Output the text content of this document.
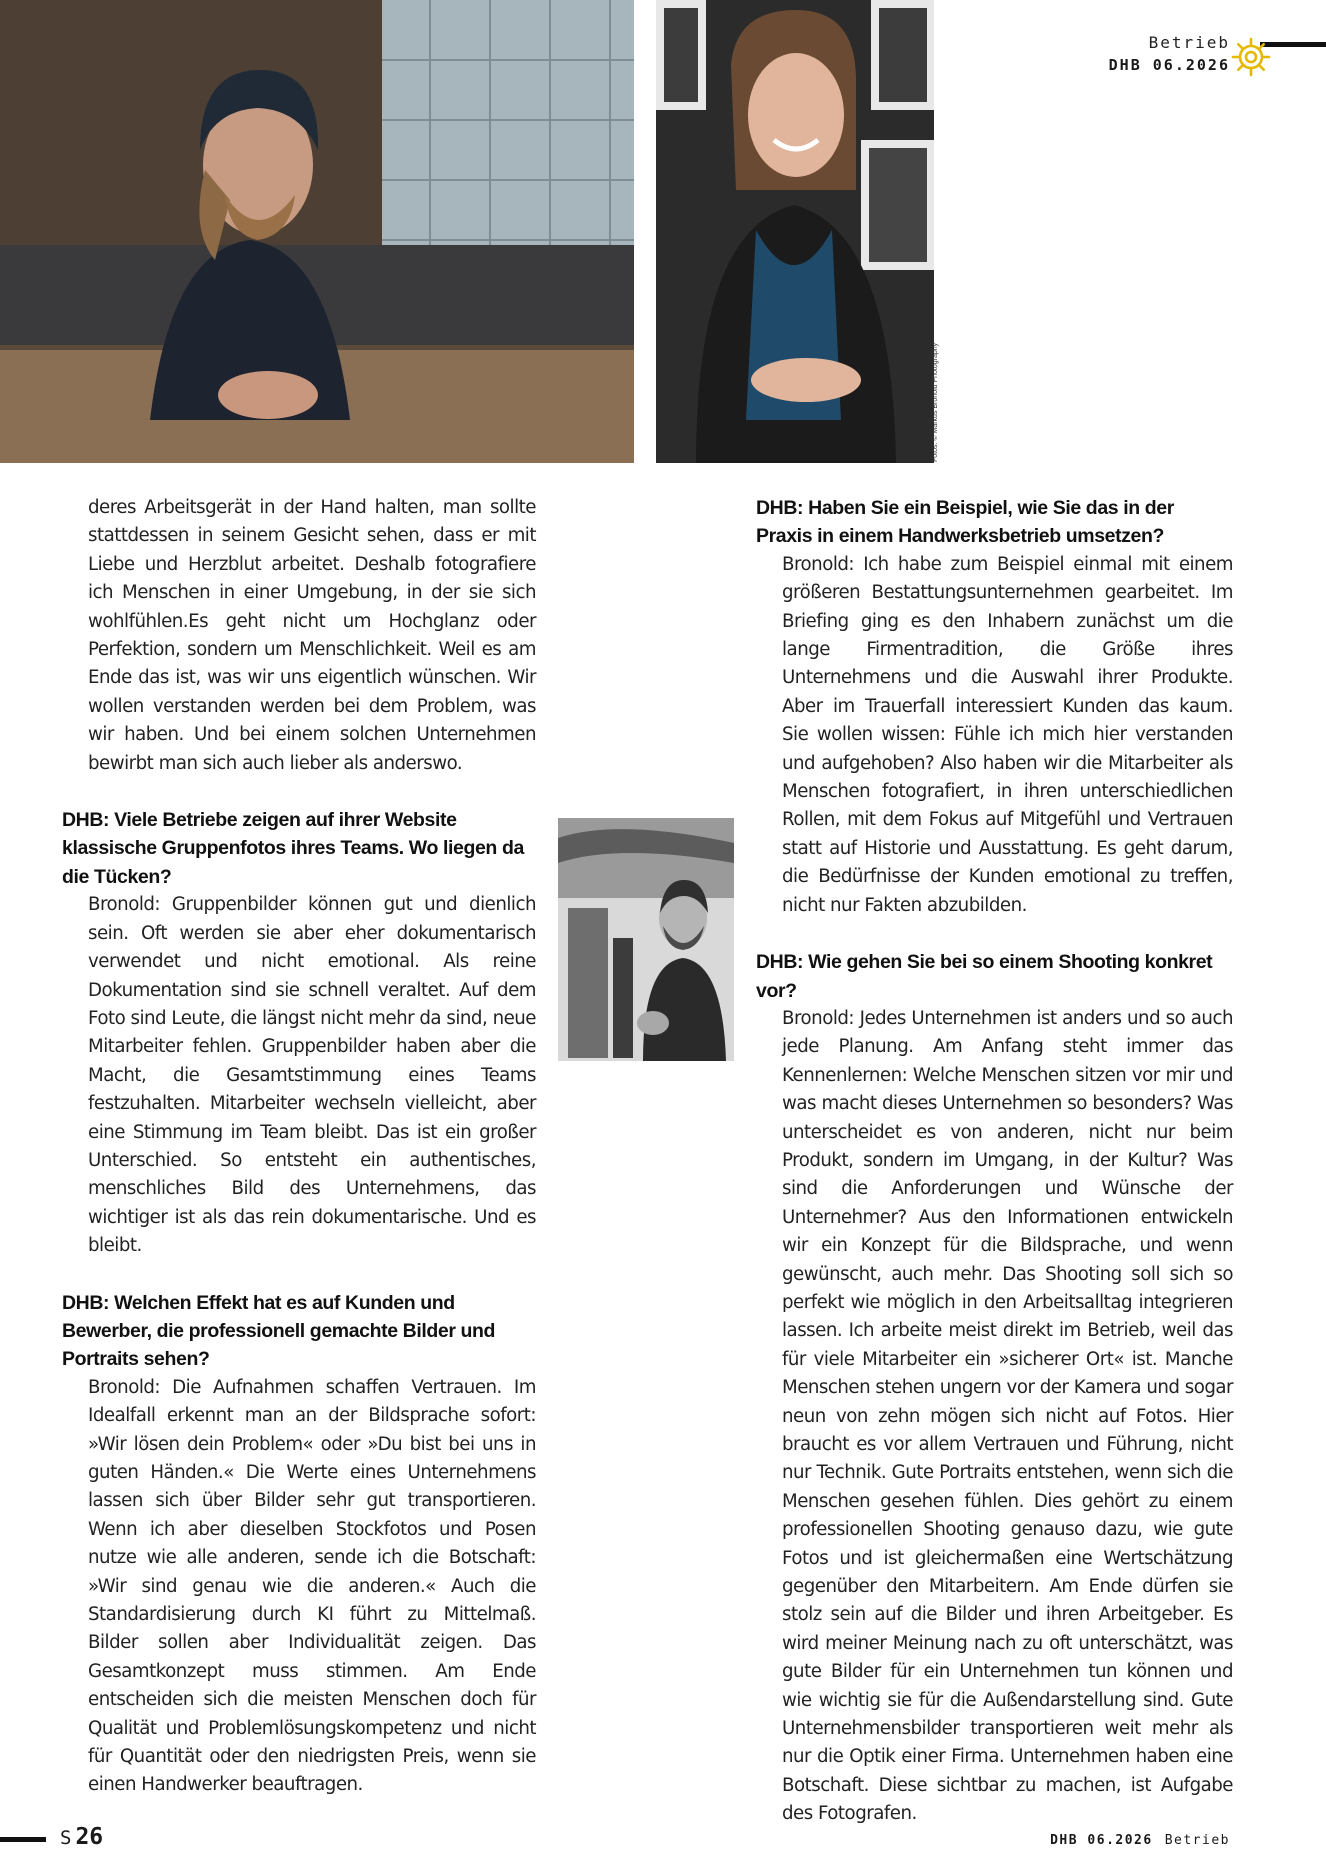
Fotos: © Markus Bronold Photography
Betrieb
DHB 06.2026

deres Arbeitsgerät in der Hand halten, man sollte stattdessen in seinem Gesicht sehen, dass er mit Liebe und Herzblut arbeitet. Deshalb fotografiere ich Menschen in einer Umgebung, in der sie sich wohlfühlen.Es geht nicht um Hochglanz oder Perfektion, sondern um Menschlichkeit. Weil es am Ende das ist, was wir uns eigentlich wünschen. Wir wollen verstanden werden bei dem Problem, was wir haben. Und bei einem solchen Unternehmen bewirbt man sich auch lieber als anderswo.

DHB: Viele Betriebe zeigen auf ihrer Website klassische Gruppenfotos ihres Teams. Wo liegen da die Tücken?

Bronold: Gruppenbilder können gut und dienlich sein. Oft werden sie aber eher dokumentarisch verwendet und nicht emotional. Als reine Dokumentation sind sie schnell veraltet. Auf dem Foto sind Leute, die längst nicht mehr da sind, neue Mitarbeiter fehlen. Gruppenbilder haben aber die Macht, die Gesamtstimmung eines Teams festzuhalten. Mitarbeiter wechseln vielleicht, aber eine Stimmung im Team bleibt. Das ist ein großer Unterschied. So entsteht ein authentisches, menschliches Bild des Unternehmens, das wichtiger ist als das rein dokumentarische. Und es bleibt.

DHB: Welchen Effekt hat es auf Kunden und Bewerber, die professionell gemachte Bilder und Portraits sehen?

Bronold: Die Aufnahmen schaffen Vertrauen. Im Idealfall erkennt man an der Bildsprache sofort: »Wir lösen dein Problem« oder »Du bist bei uns in guten Händen.« Die Werte eines Unternehmens lassen sich über Bilder sehr gut transportieren. Wenn ich aber dieselben Stockfotos und Posen nutze wie alle anderen, sende ich die Botschaft: »Wir sind genau wie die anderen.« Auch die Standardisierung durch KI führt zu Mittelmaß. Bilder sollen aber Individualität zeigen. Das Gesamtkonzept muss stimmen. Am Ende entscheiden sich die meisten Menschen doch für Qualität und Problemlösungskompetenz und nicht für Quantität oder den niedrigsten Preis, wenn sie einen Handwerker beauftragen.

DHB: Haben Sie ein Beispiel, wie Sie das in der Praxis in einem Handwerksbetrieb umsetzen?

Bronold: Ich habe zum Beispiel einmal mit einem größeren Bestattungsunternehmen gearbeitet. Im Briefing ging es den Inhabern zunächst um die lange Firmentradition, die Größe ihres Unternehmens und die Auswahl ihrer Produkte. Aber im Trauerfall interessiert Kunden das kaum. Sie wollen wissen: Fühle ich mich hier verstanden und aufgehoben? Also haben wir die Mitarbeiter als Menschen fotografiert, in ihren unterschiedlichen Rollen, mit dem Fokus auf Mitgefühl und Vertrauen statt auf Historie und Ausstattung. Es geht darum, die Bedürfnisse der Kunden emotional zu treffen, nicht nur Fakten abzubilden.

DHB: Wie gehen Sie bei so einem Shooting konkret vor?

Bronold: Jedes Unternehmen ist anders und so auch jede Planung. Am Anfang steht immer das Kennenlernen: Welche Menschen sitzen vor mir und was macht dieses Unternehmen so besonders? Was unterscheidet es von anderen, nicht nur beim Produkt, sondern im Umgang, in der Kultur? Was sind die Anforderungen und Wünsche der Unternehmer? Aus den Informationen entwickeln wir ein Konzept für die Bildsprache, und wenn gewünscht, auch mehr. Das Shooting soll sich so perfekt wie möglich in den Arbeitsalltag integrieren lassen. Ich arbeite meist direkt im Betrieb, weil das für viele Mitarbeiter ein »sicherer Ort« ist. Manche Menschen stehen ungern vor der Kamera und sogar neun von zehn mögen sich nicht auf Fotos. Hier braucht es vor allem Vertrauen und Führung, nicht nur Technik. Gute Portraits entstehen, wenn sich die Menschen gesehen fühlen. Dies gehört zu einem professionellen Shooting genauso dazu, wie gute Fotos und ist gleichermaßen eine Wertschätzung gegenüber den Mitarbeitern. Am Ende dürfen sie stolz sein auf die Bilder und ihren Arbeitgeber. Es wird meiner Meinung nach zu oft unterschätzt, was gute Bilder für ein Unternehmen tun können und wie wichtig sie für die Außendarstellung sind. Gute Unternehmensbilder transportieren weit mehr als nur die Optik einer Firma. Unternehmen haben eine Botschaft. Diese sichtbar zu machen, ist Aufgabe des Fotografen.

S 26	DHB 06.2026 Betrieb
